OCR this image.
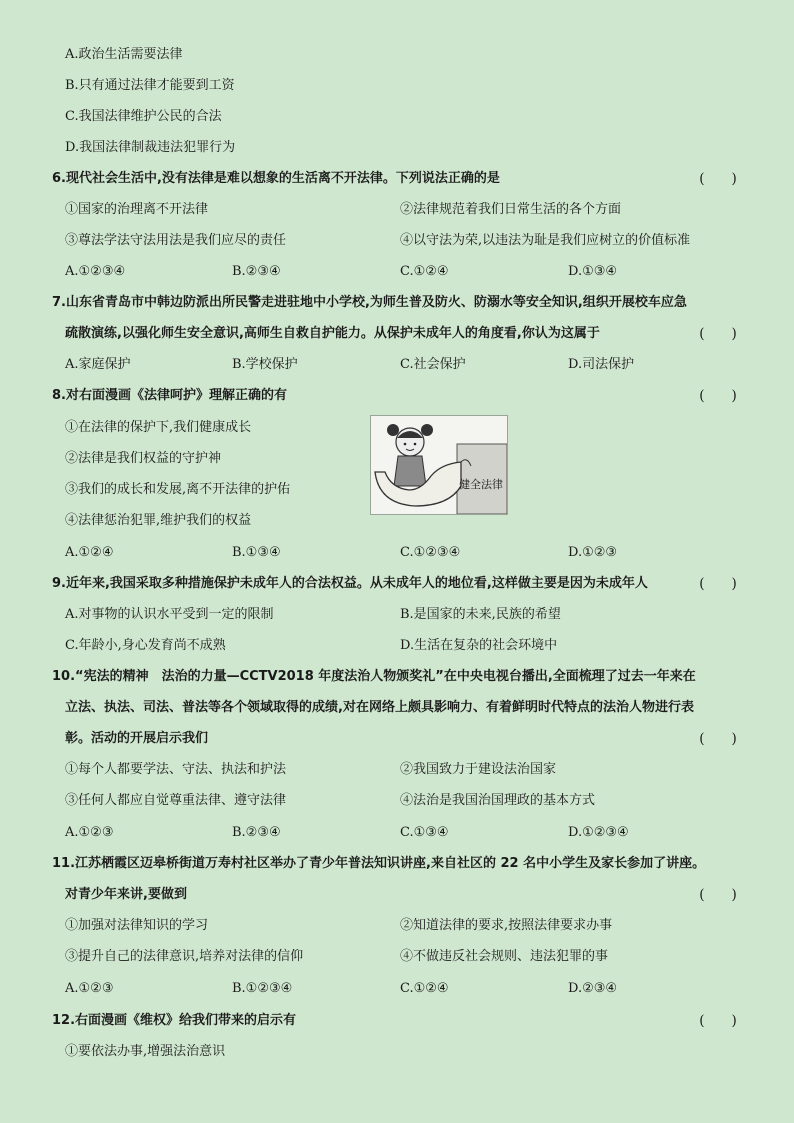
A.政治生活需要法律
B.只有通过法律才能要到工资
C.我国法律维护公民的合法
D.我国法律制裁违法犯罪行为
6.现代社会生活中,没有法律是难以想象的生活离不开法律。下列说法正确的是	(　　)
①国家的治理离不开法律	②法律规范着我们日常生活的各个方面
③尊法学法守法用法是我们应尽的责任	④以守法为荣,以违法为耻是我们应树立的价值标准
A.①②③④	B.②③④	C.①②④	D.①③④
7.山东省青岛市中韩边防派出所民警走进驻地中小学校,为师生普及防火、防溺水等安全知识,组织开展校车应急
疏散演练,以强化师生安全意识,高师生自救自护能力。从保护未成年人的角度看,你认为这属于	(　　)
A.家庭保护	B.学校保护	C.社会保护	D.司法保护
8.对右面漫画《法律呵护》理解正确的有	(　　)
①在法律的保护下,我们健康成长
②法律是我们权益的守护神
③我们的成长和发展,离不开法律的护佑
④法律惩治犯罪,维护我们的权益
健全法律
A.①②④	B.①③④	C.①②③④	D.①②③
9.近年来,我国采取多种措施保护未成年人的合法权益。从未成年人的地位看,这样做主要是因为未成年人	(　　)
A.对事物的认识水平受到一定的限制	B.是国家的未来,民族的希望
C.年龄小,身心发育尚不成熟	D.生活在复杂的社会环境中
10.“宪法的精神　法治的力量—CCTV2018 年度法治人物颁奖礼”在中央电视台播出,全面梳理了过去一年来在
立法、执法、司法、普法等各个领域取得的成绩,对在网络上颇具影响力、有着鲜明时代特点的法治人物进行表
彰。活动的开展启示我们	(　　)
①每个人都要学法、守法、执法和护法	②我国致力于建设法治国家
③任何人都应自觉尊重法律、遵守法律	④法治是我国治国理政的基本方式
A.①②③	B.②③④	C.①③④	D.①②③④
11.江苏栖霞区迈皋桥街道万寿村社区举办了青少年普法知识讲座,来自社区的 22 名中小学生及家长参加了讲座。
对青少年来讲,要做到	(　　)
①加强对法律知识的学习	②知道法律的要求,按照法律要求办事
③提升自己的法律意识,培养对法律的信仰	④不做违反社会规则、违法犯罪的事
A.①②③	B.①②③④	C.①②④	D.②③④
12.右面漫画《维权》给我们带来的启示有	(　　)
①要依法办事,增强法治意识
